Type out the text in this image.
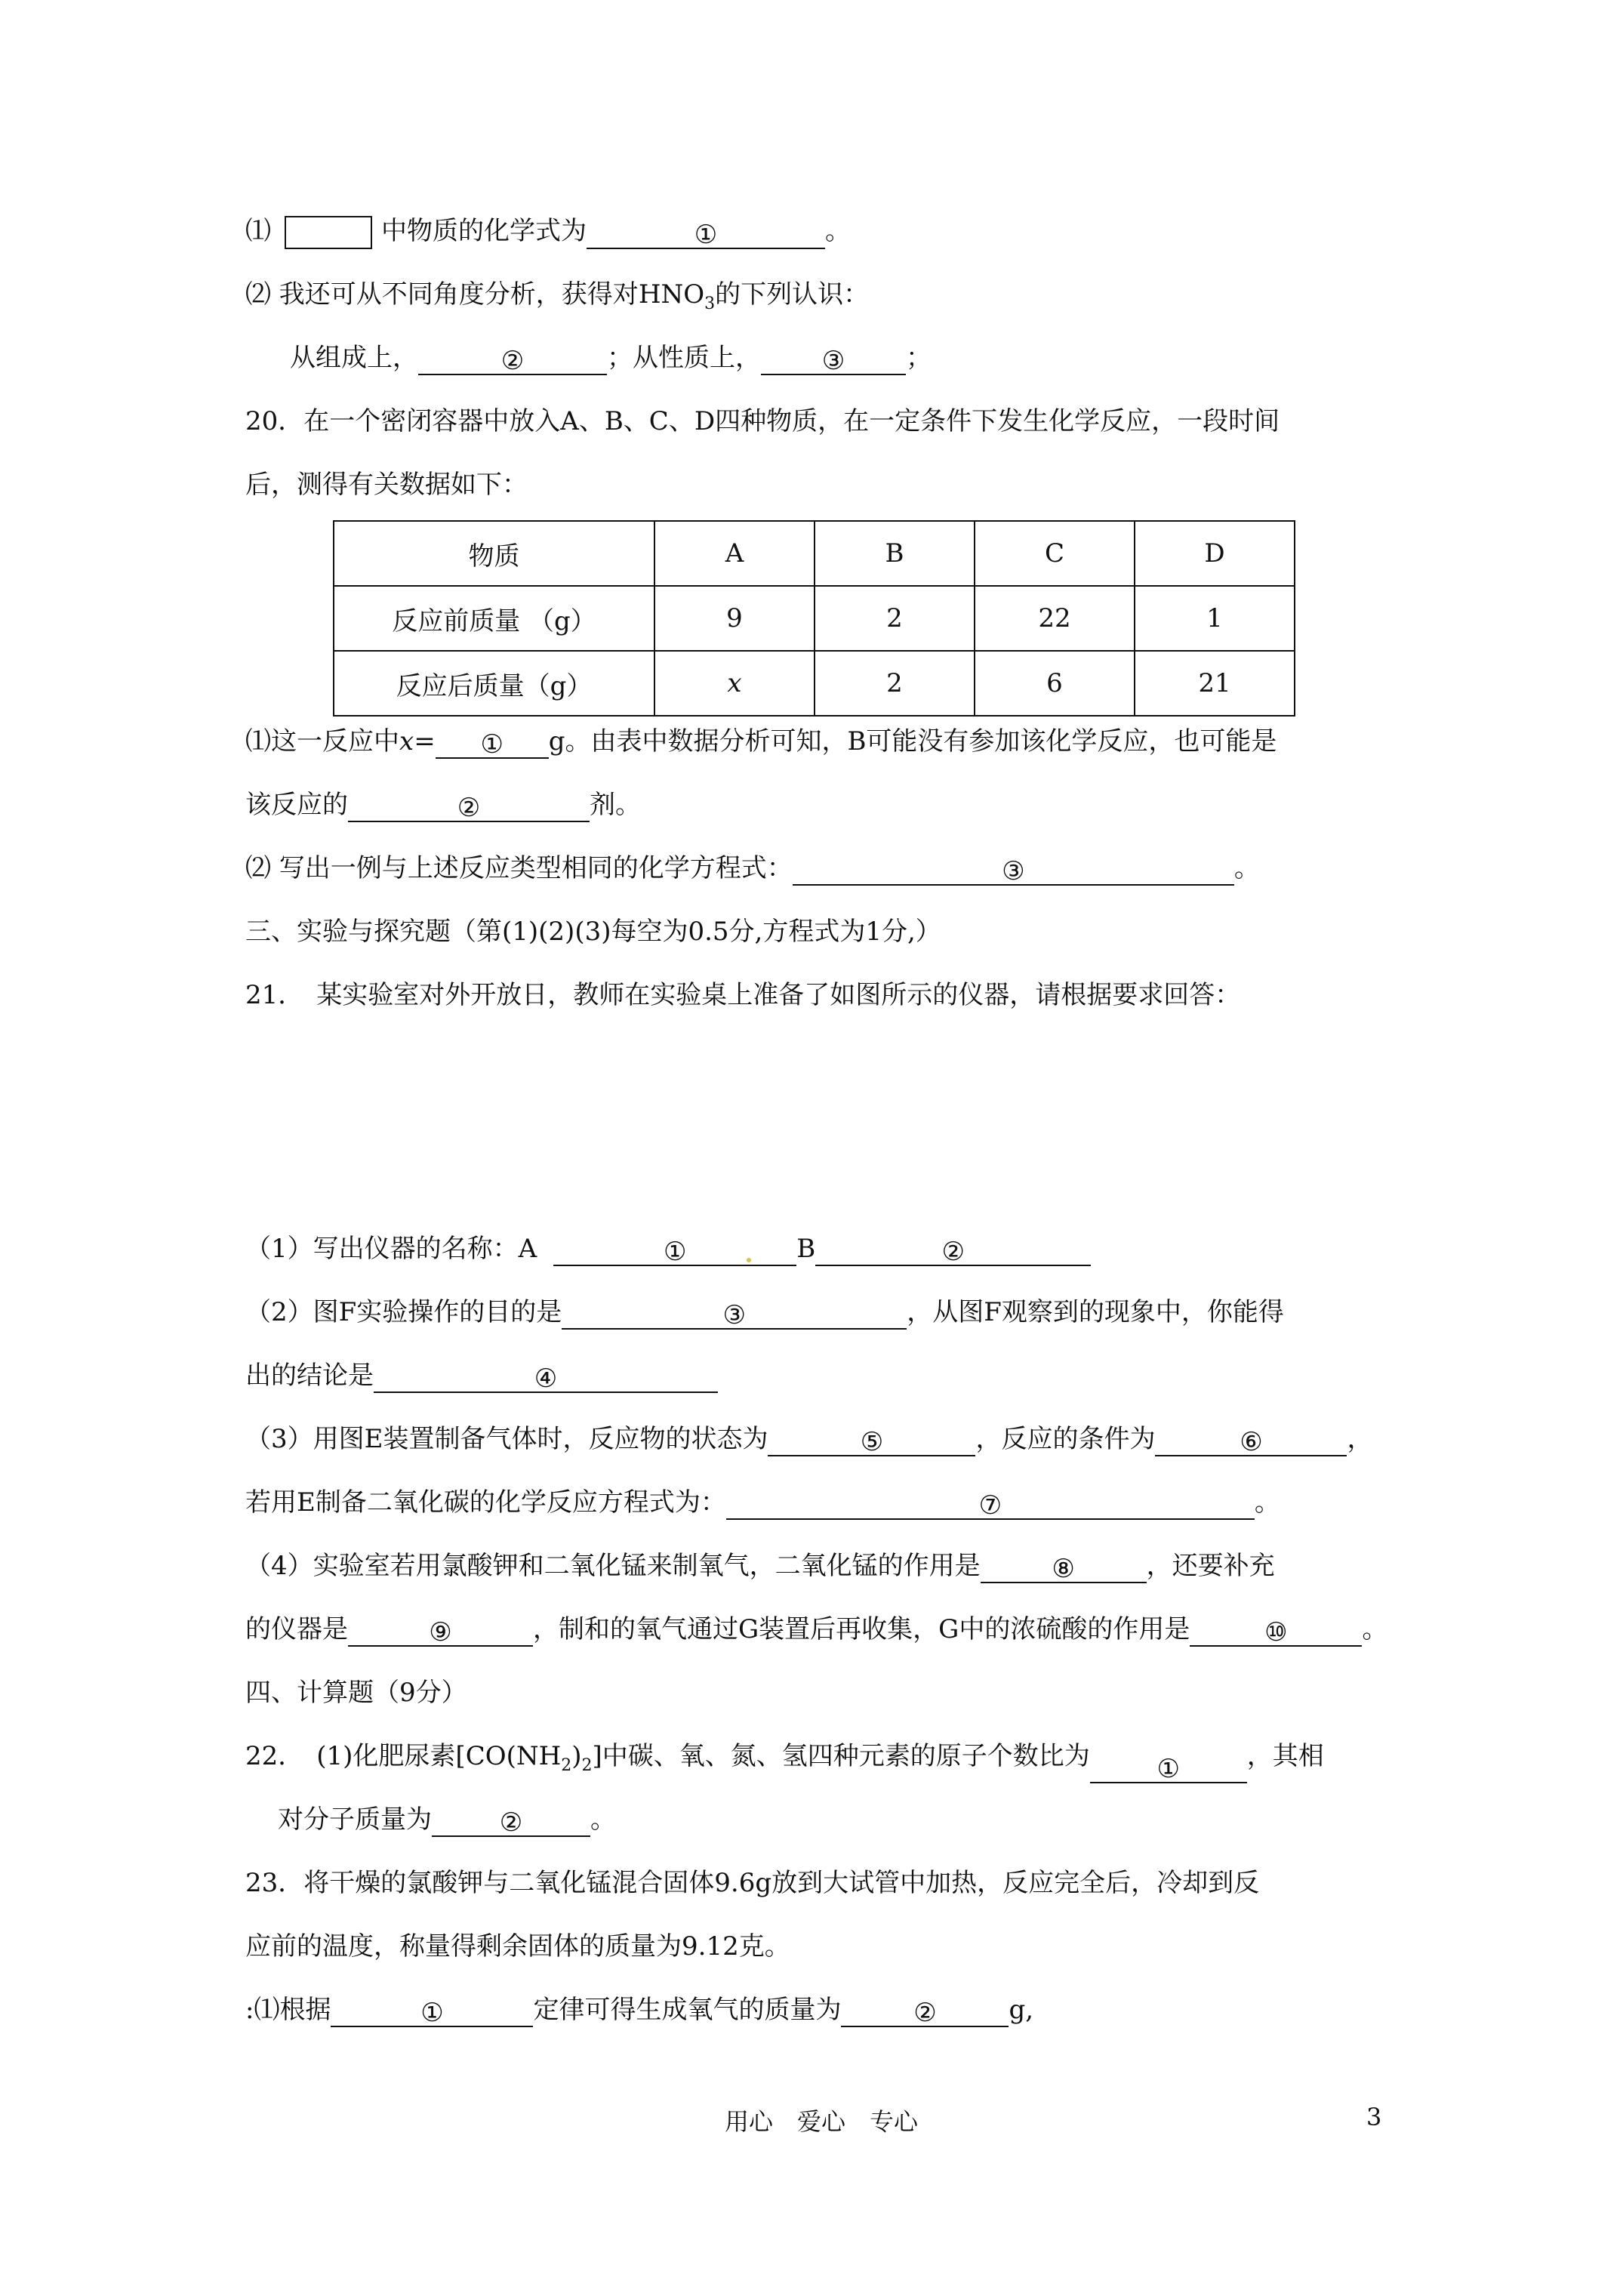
⑴	中物质的化学式为	①	。
⑵ 我还可从不同角度分析，获得对$HNO_3$的下列认识：
从组成上，	②	；从性质上， ③ ；
20．在一个密闭容器中放入A、B、C、D四种物质，在一定条件下发生化学反应，一段时间
后，测得有关数据如下：
物质	A	B	C	D
反应前质量 （g）	9	2	22	1
反应后质量（g）	x	2	6	21
⑴这一反应中x= ① g。由表中数据分析可知，B可能没有参加该化学反应，也可能是
该反应的	②	剂。
⑵ 写出一例与上述反应类型相同的化学方程式：	③	。
三、实验与探究题（第(1)(2)(3)每空为0.5分,方程式为1分,）
21．　某实验室对外开放日，教师在实验桌上准备了如图所示的仪器，请根据要求回答：
（1）写出仪器的名称：A	①	B	②
（2）图F实验操作的目的是	③	，从图F观察到的现象中，你能得
出的结论是	④
（3）用图E装置制备气体时，反应物的状态为	⑤	，反应的条件为	⑥	，
若用E制备二氧化碳的化学反应方程式为：	⑦	。
（4）实验室若用氯酸钾和二氧化锰来制氧气，二氧化锰的作用是	⑧	，还要补充
的仪器是	⑨	，制和的氧气通过G装置后再收集，G中的浓硫酸的作用是	⑩	。
四、计算题（9分）
22．　(1)化肥尿素$[CO(NH_2)_2]$中碳、氧、氮、氢四种元素的原子个数比为	①	，其相
对分子质量为	②	。
23．将干燥的氯酸钾与二氧化锰混合固体9.6g放到大试管中加热，反应完全后，冷却到反
应前的温度，称量得剩余固体的质量为9.12克。
:⑴根据	①	定律可得生成氧气的质量为	②	g,
用心　爱心　专心	3
